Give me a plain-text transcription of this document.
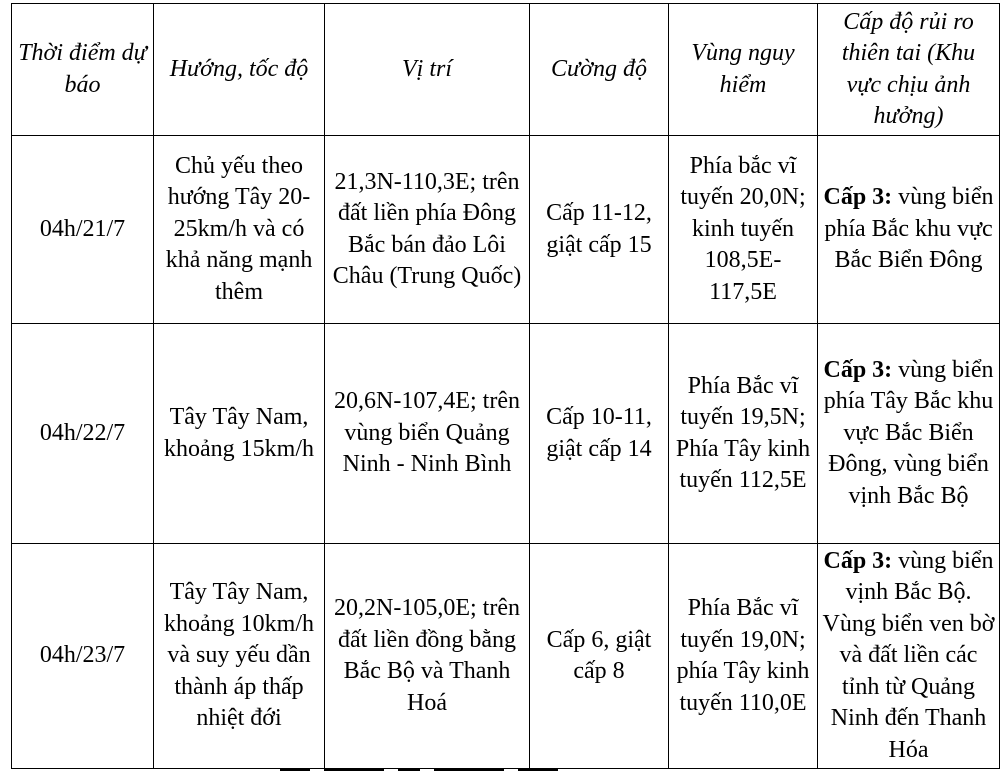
Thời điểm dự báo	Hướng, tốc độ	Vị trí	Cường độ	Vùng nguy hiểm	Cấp độ rủi ro thiên tai (Khu vực chịu ảnh hưởng)
04h/21/7	Chủ yếu theo hướng Tây 20-25km/h và có khả năng mạnh thêm	21,3N-110,3E; trên đất liền phía Đông Bắc bán đảo Lôi Châu (Trung Quốc)	Cấp 11-12, giật cấp 15	Phía bắc vĩ tuyến 20,0N; kinh tuyến 108,5E-117,5E	Cấp 3: vùng biển phía Bắc khu vực Bắc Biển Đông
04h/22/7	Tây Tây Nam, khoảng 15km/h	20,6N-107,4E; trên vùng biển Quảng Ninh - Ninh Bình	Cấp 10-11, giật cấp 14	Phía Bắc vĩ tuyến 19,5N; Phía Tây kinh tuyến 112,5E	Cấp 3: vùng biển phía Tây Bắc khu vực Bắc Biển Đông, vùng biển vịnh Bắc Bộ
04h/23/7	Tây Tây Nam, khoảng 10km/h và suy yếu dần thành áp thấp nhiệt đới	20,2N-105,0E; trên đất liền đồng bằng Bắc Bộ và Thanh Hoá	Cấp 6, giật cấp 8	Phía Bắc vĩ tuyến 19,0N; phía Tây kinh tuyến 110,0E	Cấp 3: vùng biển vịnh Bắc Bộ. Vùng biển ven bờ và đất liền các tỉnh từ Quảng Ninh đến Thanh Hóa
